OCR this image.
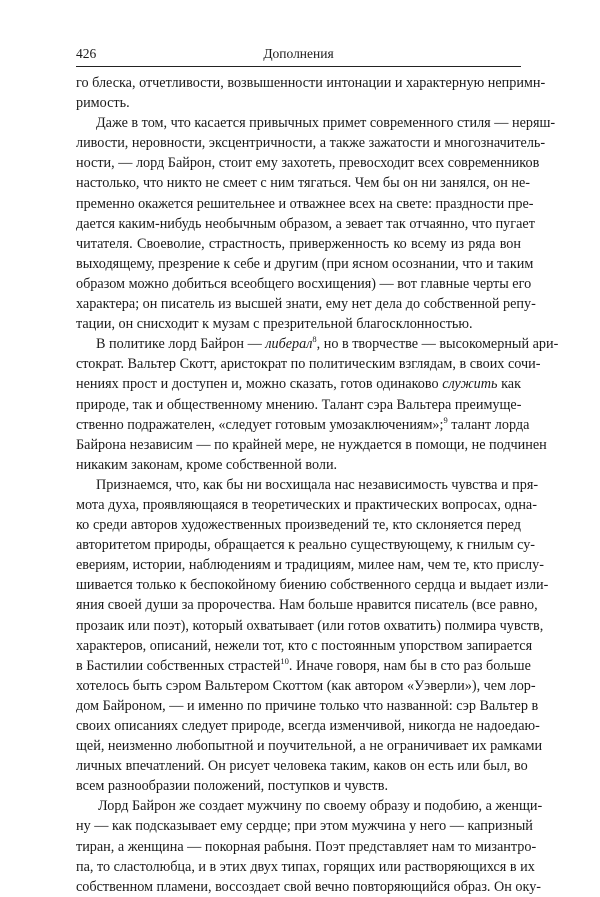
426	Дополнения
го блеска, отчетливости, возвышенности интонации и характерную непримн-
римость.
Даже в том, что касается привычных примет современного стиля — неряш-
ливости, неровности, эксцентричности, а также зажатости и многозначитель-
ности, — лорд Байрон, стоит ему захотеть, превосходит всех современников
настолько, что никто не смеет с ним тягаться. Чем бы он ни занялся, он не-
пременно окажется решительнее и отважнее всех на свете: праздности пре-
дается каким-нибудь необычным образом, а зевает так отчаянно, что пугает
читателя. Своеволие, страстность, приверженность ко всему из ряда вон
выходящему, презрение к себе и другим (при ясном осознании, что и таким
образом можно добиться всеобщего восхищения) — вот главные черты его
характера; он писатель из высшей знати, ему нет дела до собственной репу-
тации, он снисходит к музам с презрительной благосклонностью.
В политике лорд Байрон — либерал$^8$, но в творчестве — высокомерный ари-
стократ. Вальтер Скотт, аристократ по политическим взглядам, в своих сочи-
нениях прост и доступен и, можно сказать, готов одинаково служить как
природе, так и общественному мнению. Талант сэра Вальтера преимуще-
ственно подражателен, «следует готовым умозаключениям»;$^9$ талант лорда
Байрона независим — по крайней мере, не нуждается в помощи, не подчинен
никаким законам, кроме собственной воли.
Признаемся, что, как бы ни восхищала нас независимость чувства и пря-
мота духа, проявляющаяся в теоретических и практических вопросах, одна-
ко среди авторов художественных произведений те, кто склоняется перед
авторитетом природы, обращается к реально существующему, к гнилым су-
евериям, истории, наблюдениям и традициям, милее нам, чем те, кто прислу-
шивается только к беспокойному биению собственного сердца и выдает изли-
яния своей души за пророчества. Нам больше нравится писатель (все равно,
прозаик или поэт), который охватывает (или готов охватить) полмира чувств,
характеров, описаний, нежели тот, кто с постоянным упорством запирается
в Бастилии собственных страстей$^{10}$. Иначе говоря, нам бы в сто раз больше
хотелось быть сэром Вальтером Скоттом (как автором «Уэверли»), чем лор-
дом Байроном, — и именно по причине только что названной: сэр Вальтер в
своих описаниях следует природе, всегда изменчивой, никогда не надоедаю-
щей, неизменно любопытной и поучительной, а не ограничивает их рамками
личных впечатлений. Он рисует человека таким, каков он есть или был, во
всем разнообразии положений, поступков и чувств.
Лорд Байрон же создает мужчину по своему образу и подобию, а женщи-
ну — как подсказывает ему сердце; при этом мужчина у него — капризный
тиран, а женщина — покорная рабыня. Поэт представляет нам то мизантро-
па, то сластолюбца, и в этих двух типах, горящих или растворяющихся в их
собственном пламени, воссоздает свой вечно повторяющийся образ. Он оку-
